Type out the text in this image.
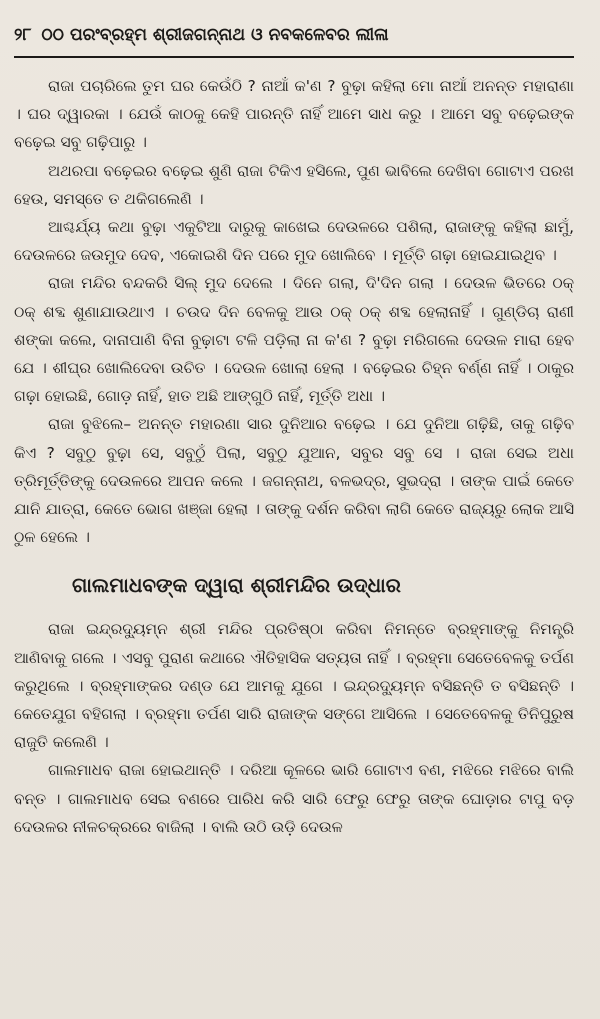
୨୮ ଠଠ ପରଂବ୍ରହ୍ମ ଶ୍ରୀଜଗନ୍ନାଥ ଓ ନବକଳେବର ଲୀଳା

ରାଜା ପଚାରିଲେ ତୁମ ଘର କେଉଁଠି ? ନାଆଁ କ'ଣ ? ବୁଢ଼ା କହିଲା ମୋ ନାଆଁ ଅନନ୍ତ ମହାରାଣା । ଘର ଦ୍ୱାରକା । ଯେଉଁ କାଠକୁ କେହି ପାରନ୍ତି ନାହିଁ ଆମେ ସାଧ କରୁ । ଆମେ ସବୁ ବଢ଼େଇଙ୍କ ବଢ଼େଇ ସବୁ ଗଢ଼ିପାରୁ ।

ଅଥରପା ବଢ଼େଇର ବଢ଼େଇ ଶୁଣି ରାଜା ଟିକିଏ ହସିଲେ, ପୁଣ ଭାବିଲେ ଦେଖିବା ଗୋଟାଏ ପରଖ ହେଉ, ସମସ୍ତେ ତ ଥକିଗଲେଣି ।

ଆଶ୍ଚର୍ଯ୍ୟ କଥା ବୁଢ଼ା ଏକୁଟିଆ ଦାରୁକୁ କାଖେଇ ଦେଉଳରେ ପଶିଲା, ରାଜାଙ୍କୁ କହିଲା ଛାମୁଁ, ଦେଉଳରେ ଜଉମୁଦ ଦେବ, ଏକୋଇଶି ଦିନ ପରେ ମୁଦ ଖୋଲିବେ । ମୂର୍ତ୍ତି ଗଢ଼ା ହୋଇଯାଇଥିବ ।

ରାଜା ମନ୍ଦିର ବନ୍ଦକରି ସିଲ୍ ମୁଦ ଦେଲେ । ଦିନେ ଗଲା, ଦି'ଦିନ ଗଲା । ଦେଉଳ ଭିତରେ ଠକ୍ ଠକ୍ ଶବ୍ଦ ଶୁଣାଯାଉଥାଏ । ଚଉଦ ଦିନ ବେଳକୁ ଆଉ ଠକ୍ ଠକ୍ ଶବ୍ଦ ହେଲାନାହିଁ । ଗୁଣ୍ଡିଚା ରାଣୀ ଶଙ୍କା କଲେ, ଦାନାପାଣି ବିନା ବୁଢ଼ାଟା ଟଳି ପଡ଼ିଲା ନା କ'ଣ ? ବୁଢ଼ା ମରିଗଲେ ଦେଉଳ ମାରା ହେବ ଯେ । ଶୀଘ୍ର ଖୋଲିଦେବା ଉଚିତ । ଦେଉଳ ଖୋଲା ହେଲା । ବଢ଼େଇର ଚିହ୍ନ ବର୍ଣ୍ଣ ନାହିଁ । ଠାକୁର ଗଢ଼ା ହୋଇଛି, ଗୋଡ଼ ନାହିଁ, ହାତ ଅଛି ଆଙ୍ଗୁଠି ନାହିଁ, ମୂର୍ତ୍ତି ଅଧା ।

ରାଜା ବୁଝିଲେ– ଅନନ୍ତ ମହାରଣା ସାର ଦୁନିଆର ବଢ଼େଇ । ଯେ ଦୁନିଆ ଗଢ଼ିଛି, ତାକୁ ଗଢ଼ିବ କିଏ ? ସବୁଠୁ ବୁଢ଼ା ସେ, ସବୁଠୁଁ ପିଲା, ସବୁଠୁ ଯୁଆନ, ସବୁର ସବୁ ସେ । ରାଜା ସେଇ ଅଧା ତ୍ରିମୂର୍ତ୍ତିଙ୍କୁ ଦେଉଳରେ ଆପନ କଲେ । ଜଗନ୍ନାଥ, ବଳଭଦ୍ର, ସୁଭଦ୍ରା । ତାଙ୍କ ପାଇଁ କେତେ ଯାନି ଯାତ୍ରା, କେତେ ଭୋଗ ଖଞ୍ଜା ହେଲା । ତାଙ୍କୁ ଦର୍ଶନ କରିବା ଲାଗି କେତେ ରାଜ୍ୟରୁ ଲୋକ ଆସି ଠୁଳ ହେଲେ ।

ଗାଲମାଧବଙ୍କ ଦ୍ୱାରା ଶ୍ରୀମନ୍ଦିର ଉଦ୍ଧାର

ରାଜା ଇନ୍ଦ୍ରଦ୍ୟୁମ୍ନ ଶ୍ରୀ ମନ୍ଦିର ପ୍ରତିଷ୍ଠା କରିବା ନିମନ୍ତେ ବ୍ରହ୍ମାଙ୍କୁ ନିମନ୍ତ୍ରି ଆଣିବାକୁ ଗଲେ । ଏସବୁ ପୁରାଣ କଥାରେ ଐତିହାସିକ ସତ୍ୟତା ନାହିଁ । ବ୍ରହ୍ମା ସେତେବେଳକୁ ତର୍ପଣ କରୁଥିଲେ । ବ୍ରହ୍ମାଙ୍କର ଦଣ୍ଡ ଯେ ଆମକୁ ଯୁଗେ । ଇନ୍ଦ୍ରଦ୍ୟୁମ୍ନ ବସିଛନ୍ତି ତ ବସିଛନ୍ତି । କେତେଯୁଗ ବହିଗଲା । ବ୍ରହ୍ମା ତର୍ପଣ ସାରି ରାଜାଙ୍କ ସଙ୍ଗେ ଆସିଲେ । ସେତେବେଳକୁ ତିନିପୁରୁଷ ରାଜୁତି କଲେଣି ।

ଗାଲମାଧବ ରାଜା ହୋଇଥାନ୍ତି । ଦରିଆ କୂଳରେ ଭାରି ଗୋଟାଏ ବଣ, ମଝିରେ ମଝିରେ ବାଲି ବନ୍ତ । ଗାଲମାଧବ ସେଇ ବଣରେ ପାରିଧ କରି ସାରି ଫେରୁ ଫେରୁ ତାଙ୍କ ଘୋଡ଼ାର ଟାପୁ ବଡ଼ ଦେଉଳର ନୀଳଚକ୍ରରେ ବାଜିଲା । ବାଲି ଉଠି ଉଡ଼ି ଦେଉଳ
